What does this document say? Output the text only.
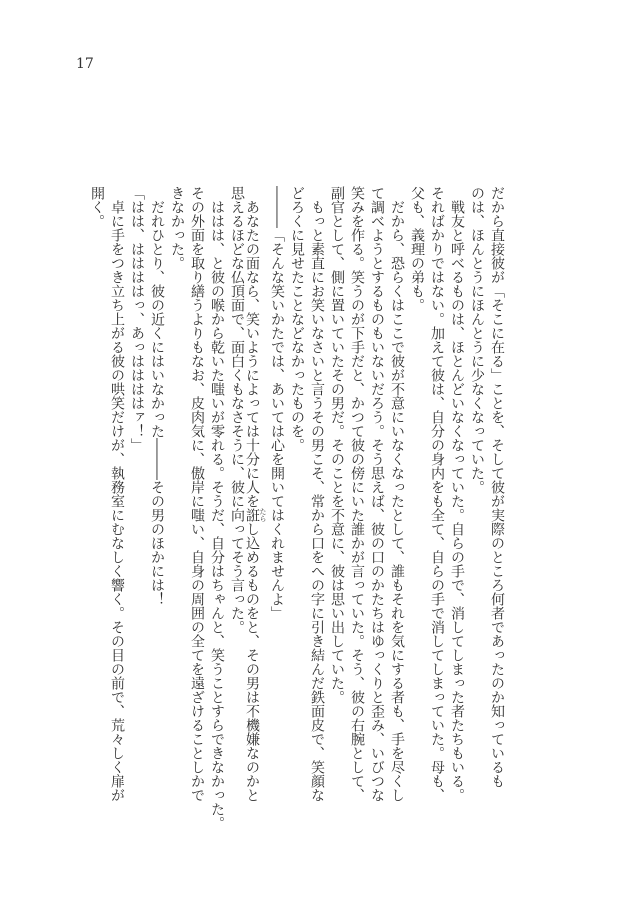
17
だから直接彼が「そこに在る」ことを、そして彼が実際のところ何者であったのか知っているも
のは、ほんとうにほんとうに少なくなっていた。
　戦友と呼べるものは、ほとんどいなくなっていた。自らの手で、消してしまった者たちもいる。
そればかりではない。加えて彼は、自分の身内をも全て、自らの手で消してしまっていた。母も、
父も、義理の弟も。
　だから、恐らくはここで彼が不意にいなくなったとして、誰もそれを気にする者も、手を尽くし
て調べようとするものもいないだろう。そう思えば、彼の口のかたちはゆっくりと歪み、いびつな
笑みを作る。笑うのが下手だと、かつて彼の傍にいた誰かが言っていた。そう、彼の右腕として、
副官として、側に置いていたその男だ。そのことを不意に、彼は思い出していた。
　もっと素直にお笑いなさいと言うその男こそ、常から口をへの字に引き結んだ鉄面皮で、笑顔な
どろくに見せたことなどなかったものを。
―――「そんな笑いかたでは、あいては心を開いてはくれませんよ」
　あなたの面なら、笑いようによっては十分に人を誑 たらし込めるものをと、その男は不機嫌なのかと
思えるほどな仏頂面で、面白くもなさそうに、彼に向ってそう言った。
　ははは、と彼の喉から乾いた嗤いが零れる。そうだ、自分はちゃんと、笑うことすらできなかった。
その外面を取り繕うよりもなお、皮肉気に、傲岸に嗤い、自身の周囲の全てを遠ざけることしかで
きなかった。
　だれひとり、彼の近くにはいなかった―――その男のほかには！
「はは、ははははっ、あっははははァ！」
　卓に手をつき立ち上がる彼の哄笑だけが、執務室にむなしく響く。その目の前で、荒々しく扉が
開く。
